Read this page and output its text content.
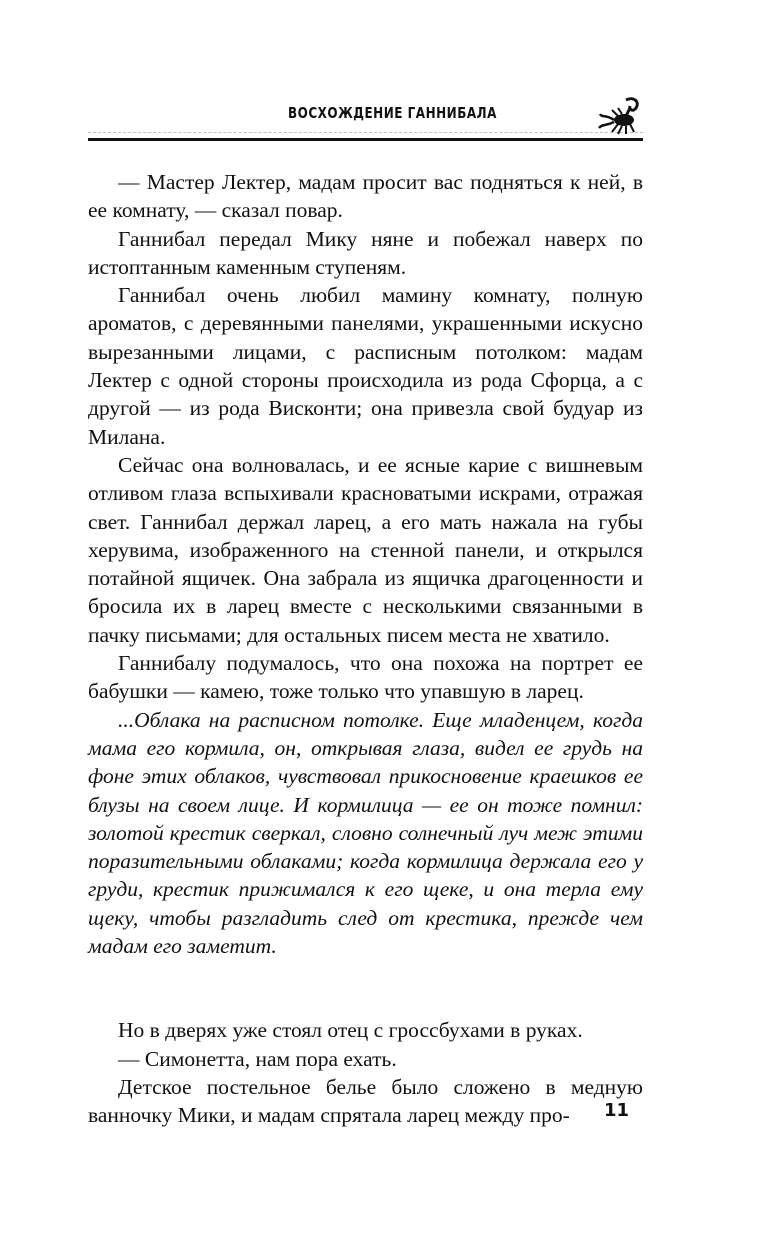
ВОСХОЖДЕНИЕ ГАННИБАЛА

— Мастер Лектер, мадам просит вас подняться к ней, в ее комнату, — сказал повар.

Ганнибал передал Мику няне и побежал наверх по истоптанным каменным ступеням.

Ганнибал очень любил мамину комнату, полную ароматов, с деревянными панелями, украшенными искусно вырезанными лицами, с расписным потолком: мадам Лектер с одной стороны происходила из рода Сфорца, а с другой — из рода Висконти; она привезла свой будуар из Милана.

Сейчас она волновалась, и ее ясные карие с вишневым отливом глаза вспыхивали красноватыми искрами, отражая свет. Ганнибал держал ларец, а его мать нажала на губы херувима, изображенного на стенной панели, и открылся потайной ящичек. Она забрала из ящичка драгоценности и бросила их в ларец вместе с несколькими связанными в пачку письмами; для остальных писем места не хватило.

Ганнибалу подумалось, что она похожа на портрет ее бабушки — камею, тоже только что упавшую в ларец.

...Облака на расписном потолке. Еще младенцем, когда мама его кормила, он, открывая глаза, видел ее грудь на фоне этих облаков, чувствовал прикосновение краешков ее блузы на своем лице. И кормилица — ее он тоже помнил: золотой крестик сверкал, словно солнечный луч меж этими поразительными облаками; когда кормилица держала его у груди, крестик прижимался к его щеке, и она терла ему щеку, чтобы разгладить след от крестика, прежде чем мадам его заметит.

Но в дверях уже стоял отец с гроссбухами в руках.

— Симонетта, нам пора ехать.

Детское постельное белье было сложено в медную ванночку Мики, и мадам спрятала ларец между про-	11
